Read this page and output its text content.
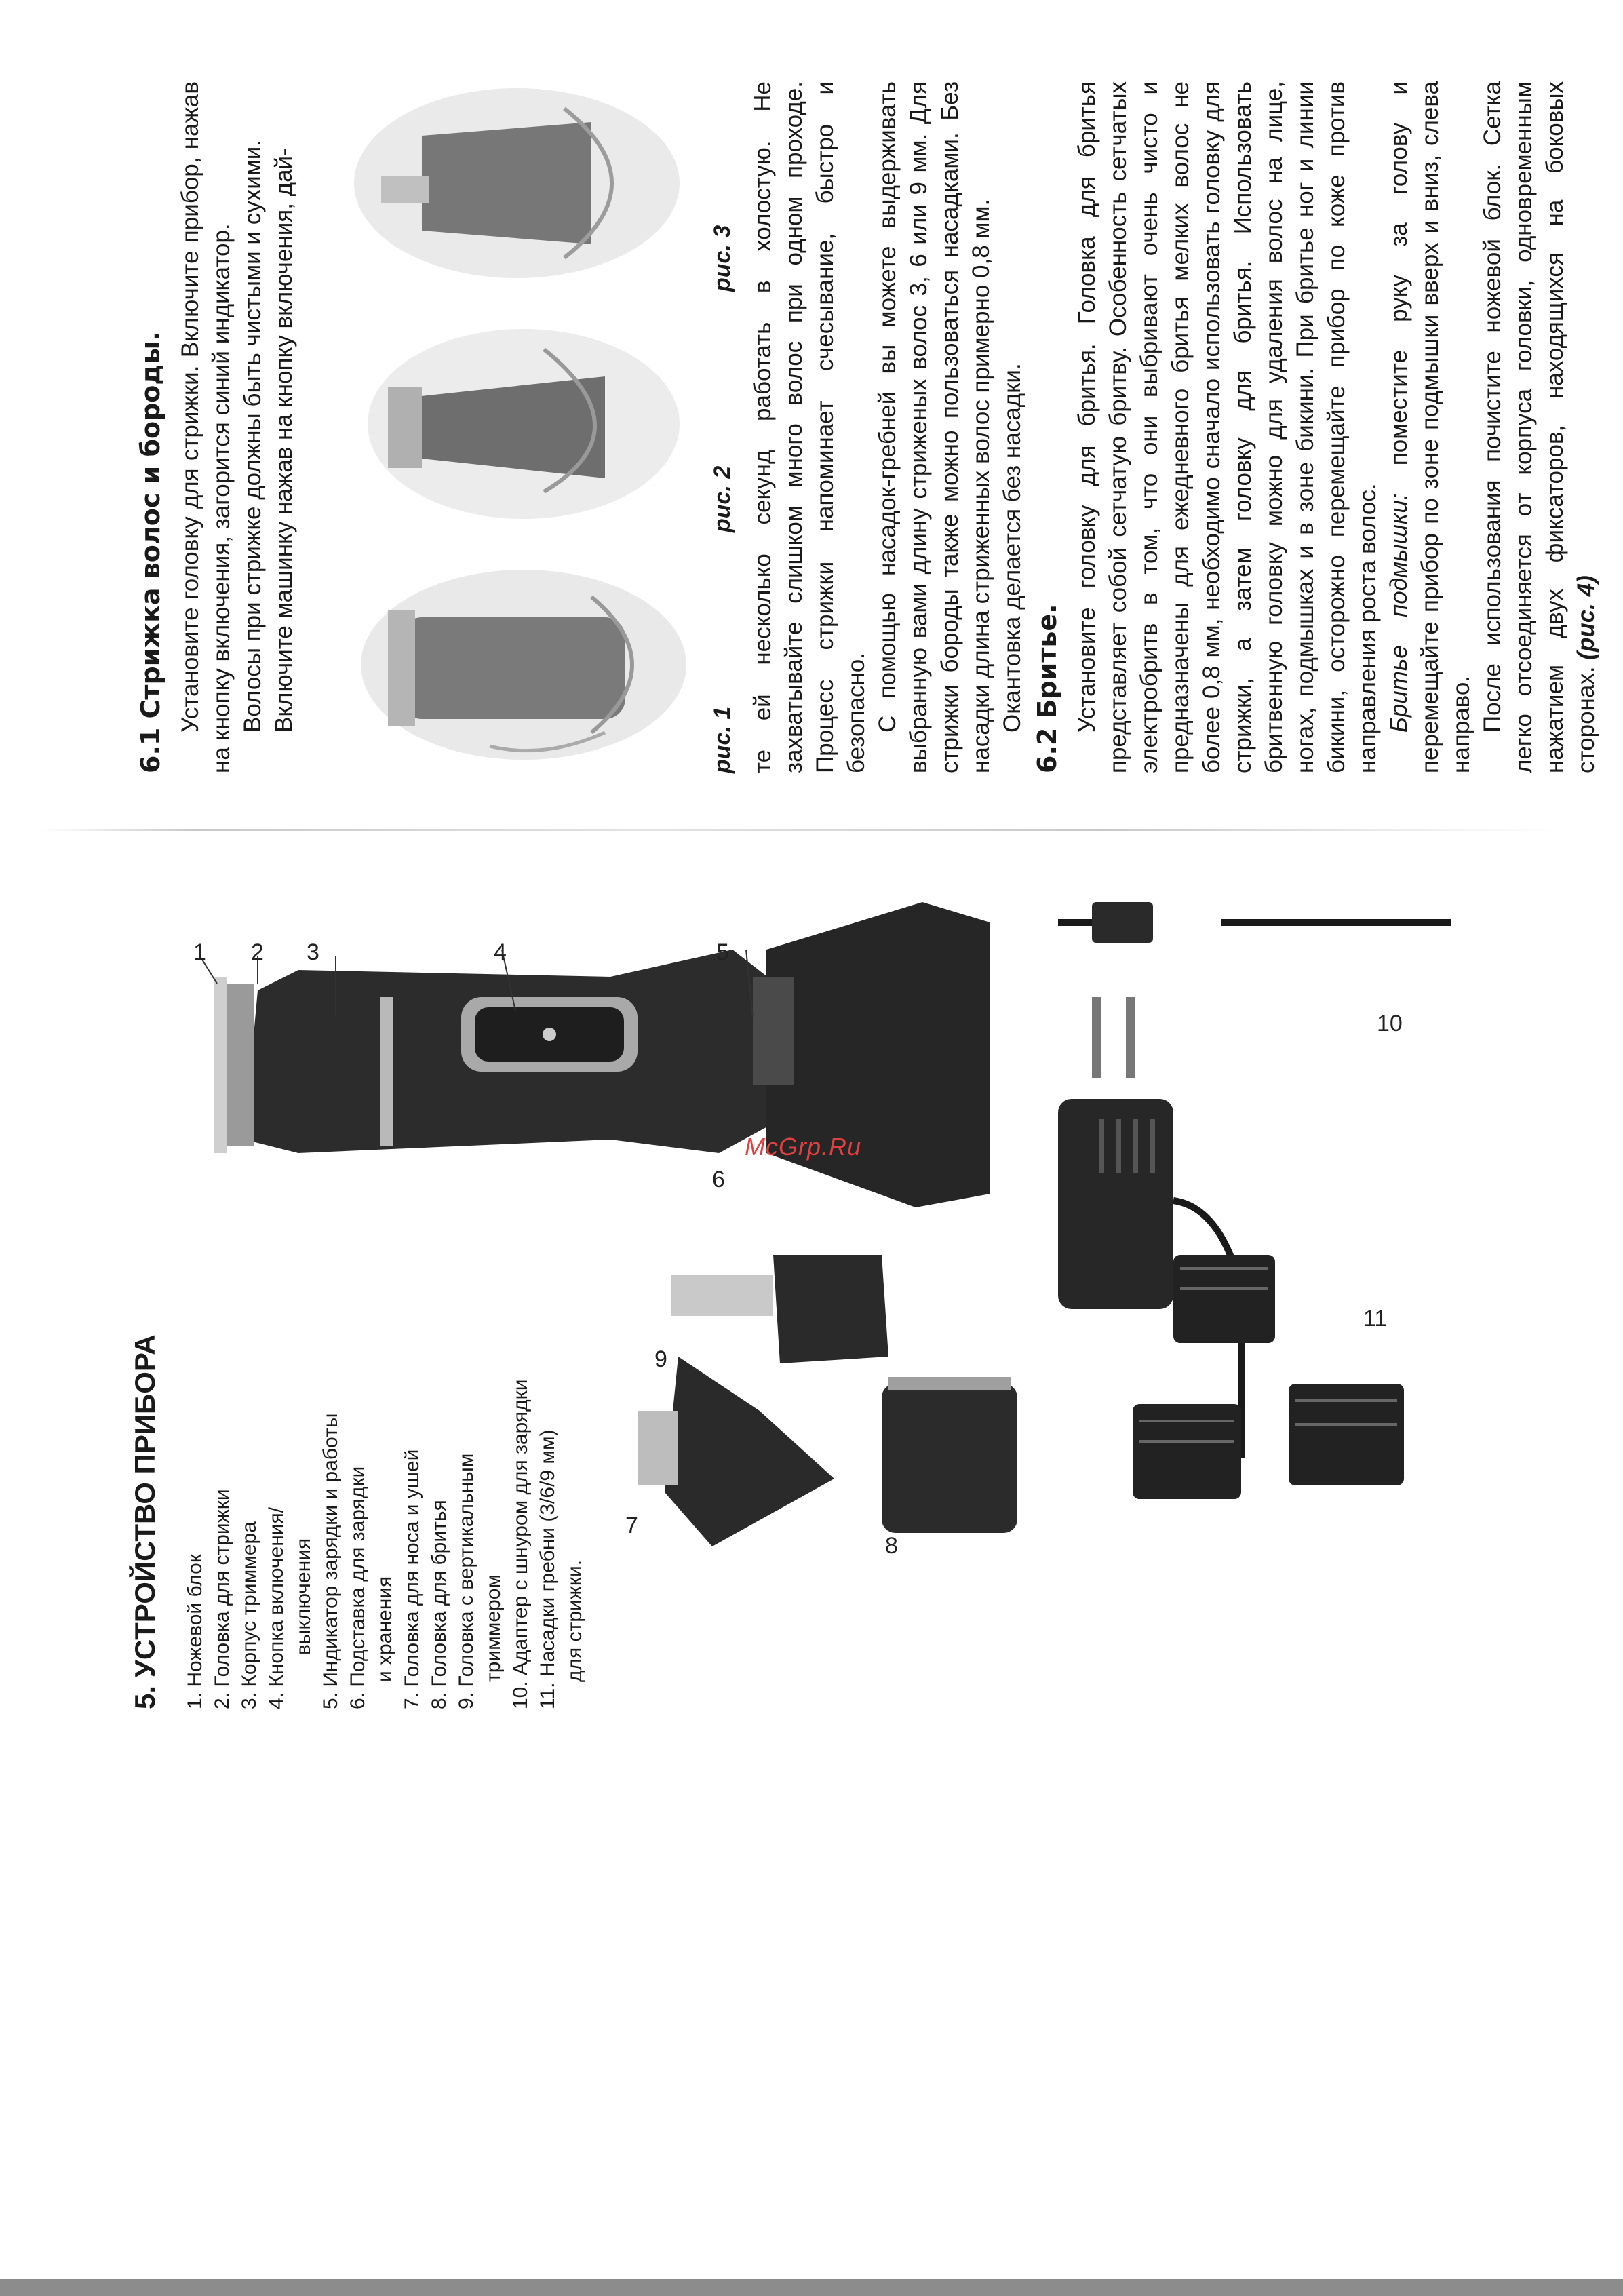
6.1 Стрижка волос и бороды. Установите головку для стрижки. Включите прибор, нажав на кнопку включения, загорится синий индикатор. Волосы при стрижке должны быть чистыми и сухими. Включите машинку нажав на кнопку включения, дай-

рис. 1
рис. 2
рис. 3 те ей несколько секунд работать в холостую. Не захватывайте слишком много волос при одном проходе. Процесс стрижки напоминает счесывание, быстро и безопасно. С помощью насадок-гребней вы можете выдерживать выбранную вами длину стриженых волос 3, 6 или 9 мм. Для стрижки бороды также можно пользоваться насадками. Без насадки длина стриженных волос примерно 0,8 мм. Окантовка делается без насадки. 6.2 Бритье. Установите головку для бритья. Головка для бритья представляет собой сетчатую бритву. Особенность сетчатых электробритв в том, что они выбривают очень чисто и предназначены для ежедневного бритья мелких волос не более 0,8 мм, необходимо сначало использовать головку для стрижки, а затем головку для бритья. Использовать бритвенную головку можно для удаления волос на лице, ногах, подмышках и в зоне бикини. При бритье ног и линии бикини, осторожно перемещайте прибор по коже против направления роста волос. Бритье подмышки: поместите руку за голову и перемещайте прибор по зоне подмышки вверх и вниз, слева направо. После использования почистите ножевой блок. Сетка легко отсоединяется от корпуса головки, одновременным нажатием двух фиксаторов, находящихся на боковых сторонах. (рис. 4)

5. УСТРОЙСТВО ПРИБОРА 1. Ножевой блок 2. Головка для стрижки 3. Корпус триммера 4. Кнопка включения/ выключения 5. Индикатор зарядки и работы 6. Подставка для зарядки и хранения 7. Головка для носа и ушей 8. Головка для бритья 9. Головка с вертикальным триммером 10. Адаптер с шнуром для зарядки 11. Насадки гребни (3/6/9 мм) для стрижки.
1 2 3	4	5
6
7
8
9
10
11
McGrp.Ru
